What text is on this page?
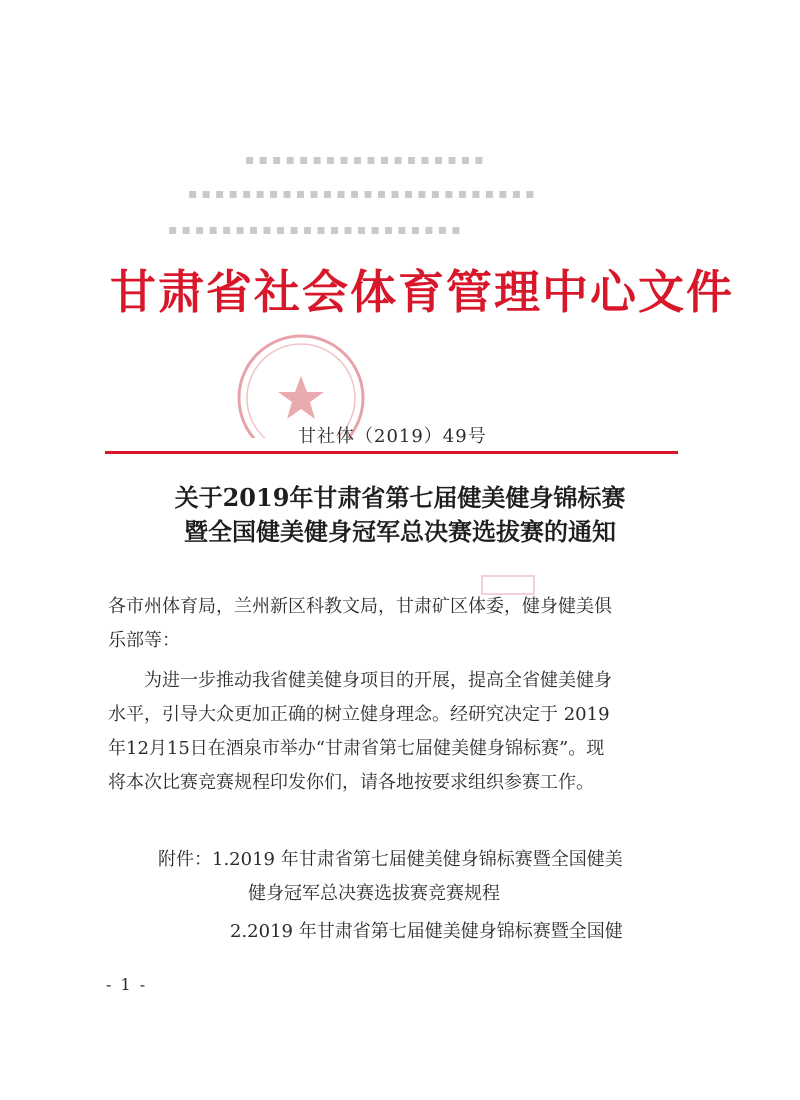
▪▪▪▪▪▪▪▪▪▪▪▪▪▪▪▪▪▪
▪▪▪▪▪▪▪▪▪▪▪▪▪▪▪▪▪▪▪▪▪▪▪▪▪▪
▪▪▪▪▪▪▪▪▪▪▪▪▪▪▪▪▪▪▪▪▪▪
甘肃省社会体育管理中心文件
甘社体（2019）49号
关于2019年甘肃省第七届健美健身锦标赛
暨全国健美健身冠军总决赛选拔赛的通知
各市州体育局，兰州新区科教文局，甘肃矿区体委，健身健美俱
乐部等：
为进一步推动我省健美健身项目的开展，提高全省健美健身
水平，引导大众更加正确的树立健身理念。经研究决定于 2019
年12月15日在酒泉市举办“甘肃省第七届健美健身锦标赛”。现
将本次比赛竞赛规程印发你们，请各地按要求组织参赛工作。
附件：1.2019 年甘肃省第七届健美健身锦标赛暨全国健美
健身冠军总决赛选拔赛竞赛规程
2.2019 年甘肃省第七届健美健身锦标赛暨全国健
- 1 -
